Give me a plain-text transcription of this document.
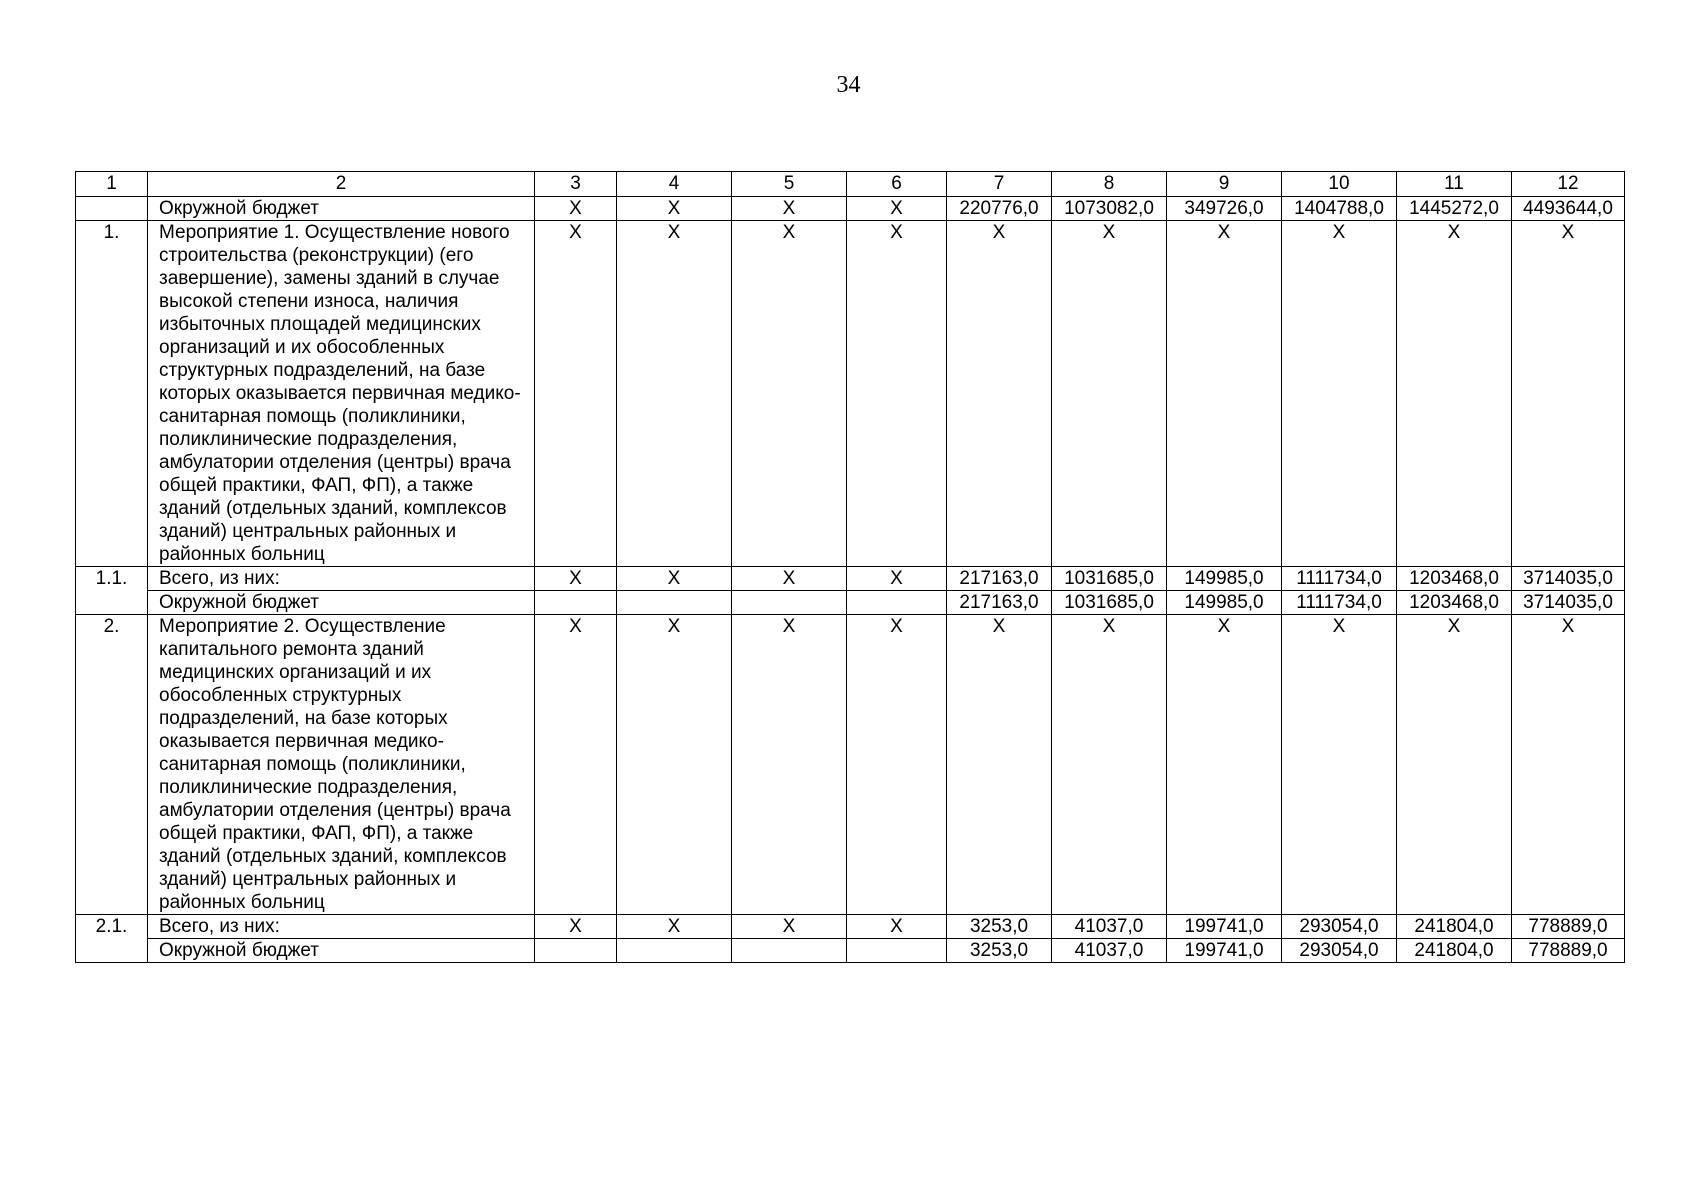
34
1	2	3	4	5	6	7	8	9	10	11	12
	Окружной бюджет	X	X	X	X	220776,0	1073082,0	349726,0	1404788,0	1445272,0	4493644,0
1.	Мероприятие 1. Осуществление нового строительства (реконструкции) (его завершение), замены зданий в случае высокой степени износа, наличия избыточных площадей медицинских организаций и их обособленных структурных подразделений, на базе которых оказывается первичная медико-санитарная помощь (поликлиники, поликлинические подразделения, амбулатории отделения (центры) врача общей практики, ФАП, ФП), а также зданий (отдельных зданий, комплексов зданий) центральных районных и районных больниц	X	X	X	X	X	X	X	X	X	X
1.1.	Всего, из них:	X	X	X	X	217163,0	1031685,0	149985,0	1111734,0	1203468,0	3714035,0
	Окружной бюджет					217163,0	1031685,0	149985,0	1111734,0	1203468,0	3714035,0
2.	Мероприятие 2. Осуществление капитального ремонта зданий медицинских организаций и их обособленных структурных подразделений, на базе которых оказывается первичная медико-санитарная помощь (поликлиники, поликлинические подразделения, амбулатории отделения (центры) врача общей практики, ФАП, ФП), а также зданий (отдельных зданий, комплексов зданий) центральных районных и районных больниц	X	X	X	X	X	X	X	X	X	X
2.1.	Всего, из них:	X	X	X	X	3253,0	41037,0	199741,0	293054,0	241804,0	778889,0
	Окружной бюджет					3253,0	41037,0	199741,0	293054,0	241804,0	778889,0
